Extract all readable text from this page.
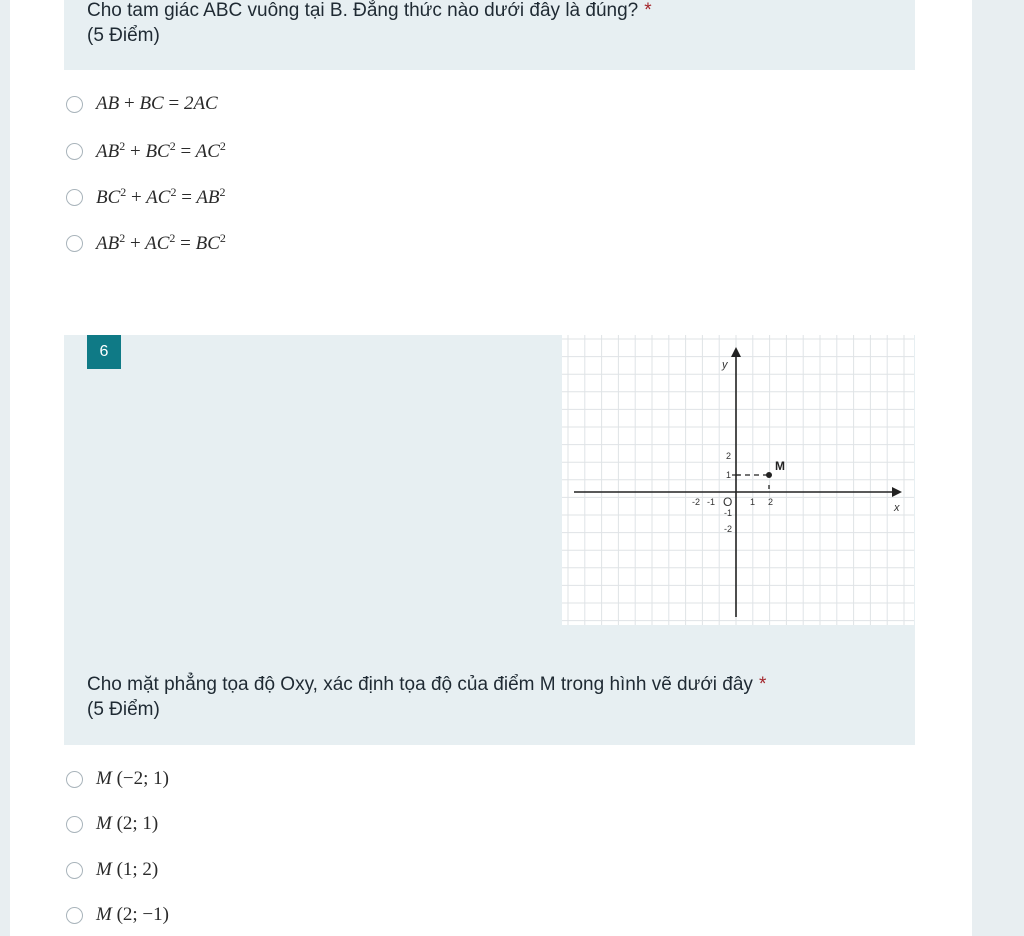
Cho tam giác ABC vuông tại B. Đẳng thức nào dưới đây là đúng? *
(5 Điểm)
AB + BC = 2AC
$AB^2 + BC^2 = AC^2$
$BC^2 + AC^2 = AB^2$
$AB^2 + AC^2 = BC^2$
6
x
y
O
M
-2 -1	1 2
2
1
-1
-2
Cho mặt phẳng tọa độ Oxy, xác định tọa độ của điểm M trong hình vẽ dưới đây *
(5 Điểm)
M (−2; 1)
M (2; 1)
M (1; 2)
M (2; −1)
